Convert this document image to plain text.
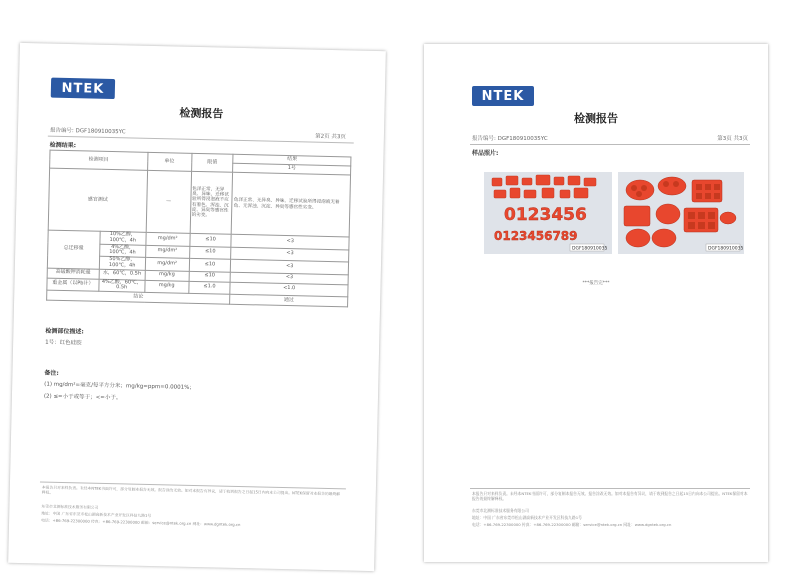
NTEK
检测报告
报告编号: DGF180910035YC
第2页 共3页
检测结果:
检测项目		单位	限值	结果
				1号
感官测试		—	色泽正常，无异臭、异味，迁移试验所得浸泡液不应有着色、浑浊、沉淀、异臭等感官性的劣变。	色泽正常、无异臭、异味，迁移试验所得浸泡液无着色、无浑浊、沉淀、异臭等感官性劣变。
总迁移量	10%乙醇，100℃，4h	mg/dm²	≤10	<3
	4%乙酸，100℃，4h	mg/dm²	≤10	<3
	50%乙醇，100℃，4h	mg/dm²	≤10	<3
高锰酸钾消耗量	水，60℃，0.5h	mg/kg	≤10	<3
重金属（以Pb计）	4%乙酸，60℃，0.5h	mg/kg	≤1.0	<1.0
结论				通过
检测部位描述:
1号：红色硅胶
备注:
(1) mg/dm²=毫克/每平方分米；mg/kg=ppm=0.0001%；
(2) ≤=小于或等于；<=小于。
本报告只对来样负责。未经本NTEK书面许可，部分复制本报告无效。报告涂改无效。如对本报告有异议，请于收到报告之日起15日内向本公司提出。NTEK保留对本报告的最终解释权。
东莞市北测标准技术服务有限公司
地址：中国 广东省东莞市松山湖高新技术产业开发区科技九路1号
电话：+86-769-22300000 传真：+86-769-22300000 邮箱：service@ntek.org.cn 网址：www.dgntek.org.cn
NTEK
检测报告
报告编号: DGF180910035YC	第3页 共3页
样品照片:
0123456
0123456789
DGF180910035	DGF180910035
***报告完***
本报告只对来样负责。未经本NTEK书面许可，部分复制本报告无效。报告涂改无效。如对本报告有异议，请于收到报告之日起15日内向本公司提出。NTEK保留对本报告的最终解释权。
东莞市北测标准技术服务有限公司
地址：中国 广东省东莞市松山湖高新技术产业开发区科技九路1号
电话：+86-769-22300000 传真：+86-769-22300000 邮箱：service@ntek.org.cn 网址：www.dgntek.org.cn
